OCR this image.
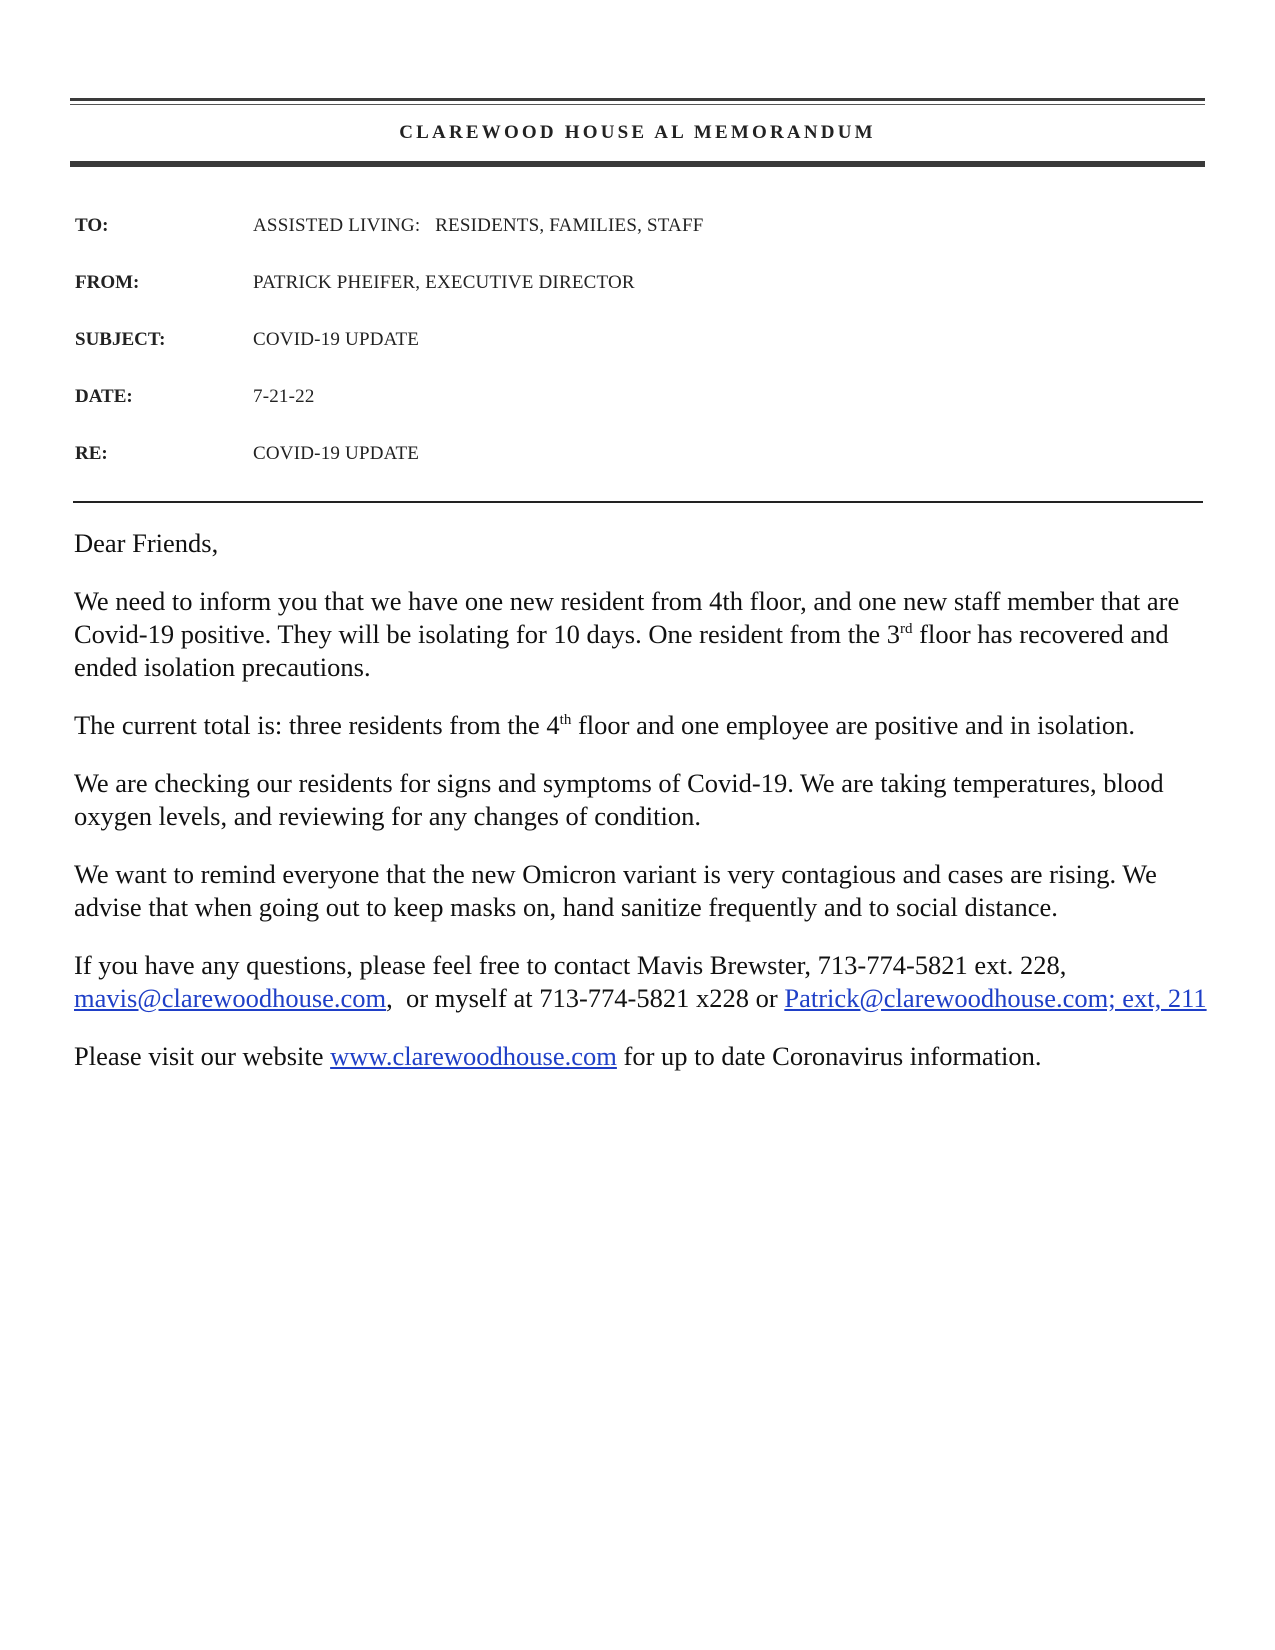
CLAREWOOD HOUSE AL MEMORANDUM
TO:	ASSISTED LIVING:   RESIDENTS, FAMILIES, STAFF
FROM:	PATRICK PHEIFER, EXECUTIVE DIRECTOR
SUBJECT:	COVID-19 UPDATE
DATE:	7-21-22
RE:	COVID-19 UPDATE

Dear Friends,

We need to inform you that we have one new resident from 4th floor, and one new staff member that are Covid-19 positive. They will be isolating for 10 days. One resident from the 3rd floor has recovered and ended isolation precautions.

The current total is: three residents from the 4th floor and one employee are positive and in isolation.

We are checking our residents for signs and symptoms of Covid-19. We are taking temperatures, blood oxygen levels, and reviewing for any changes of condition.

We want to remind everyone that the new Omicron variant is very contagious and cases are rising. We advise that when going out to keep masks on, hand sanitize frequently and to social distance.

If you have any questions, please feel free to contact Mavis Brewster, 713-774-5821 ext. 228, mavis@clarewoodhouse.com,  or myself at 713-774-5821 x228 or Patrick@clarewoodhouse.com; ext, 211

Please visit our website www.clarewoodhouse.com for up to date Coronavirus information.
